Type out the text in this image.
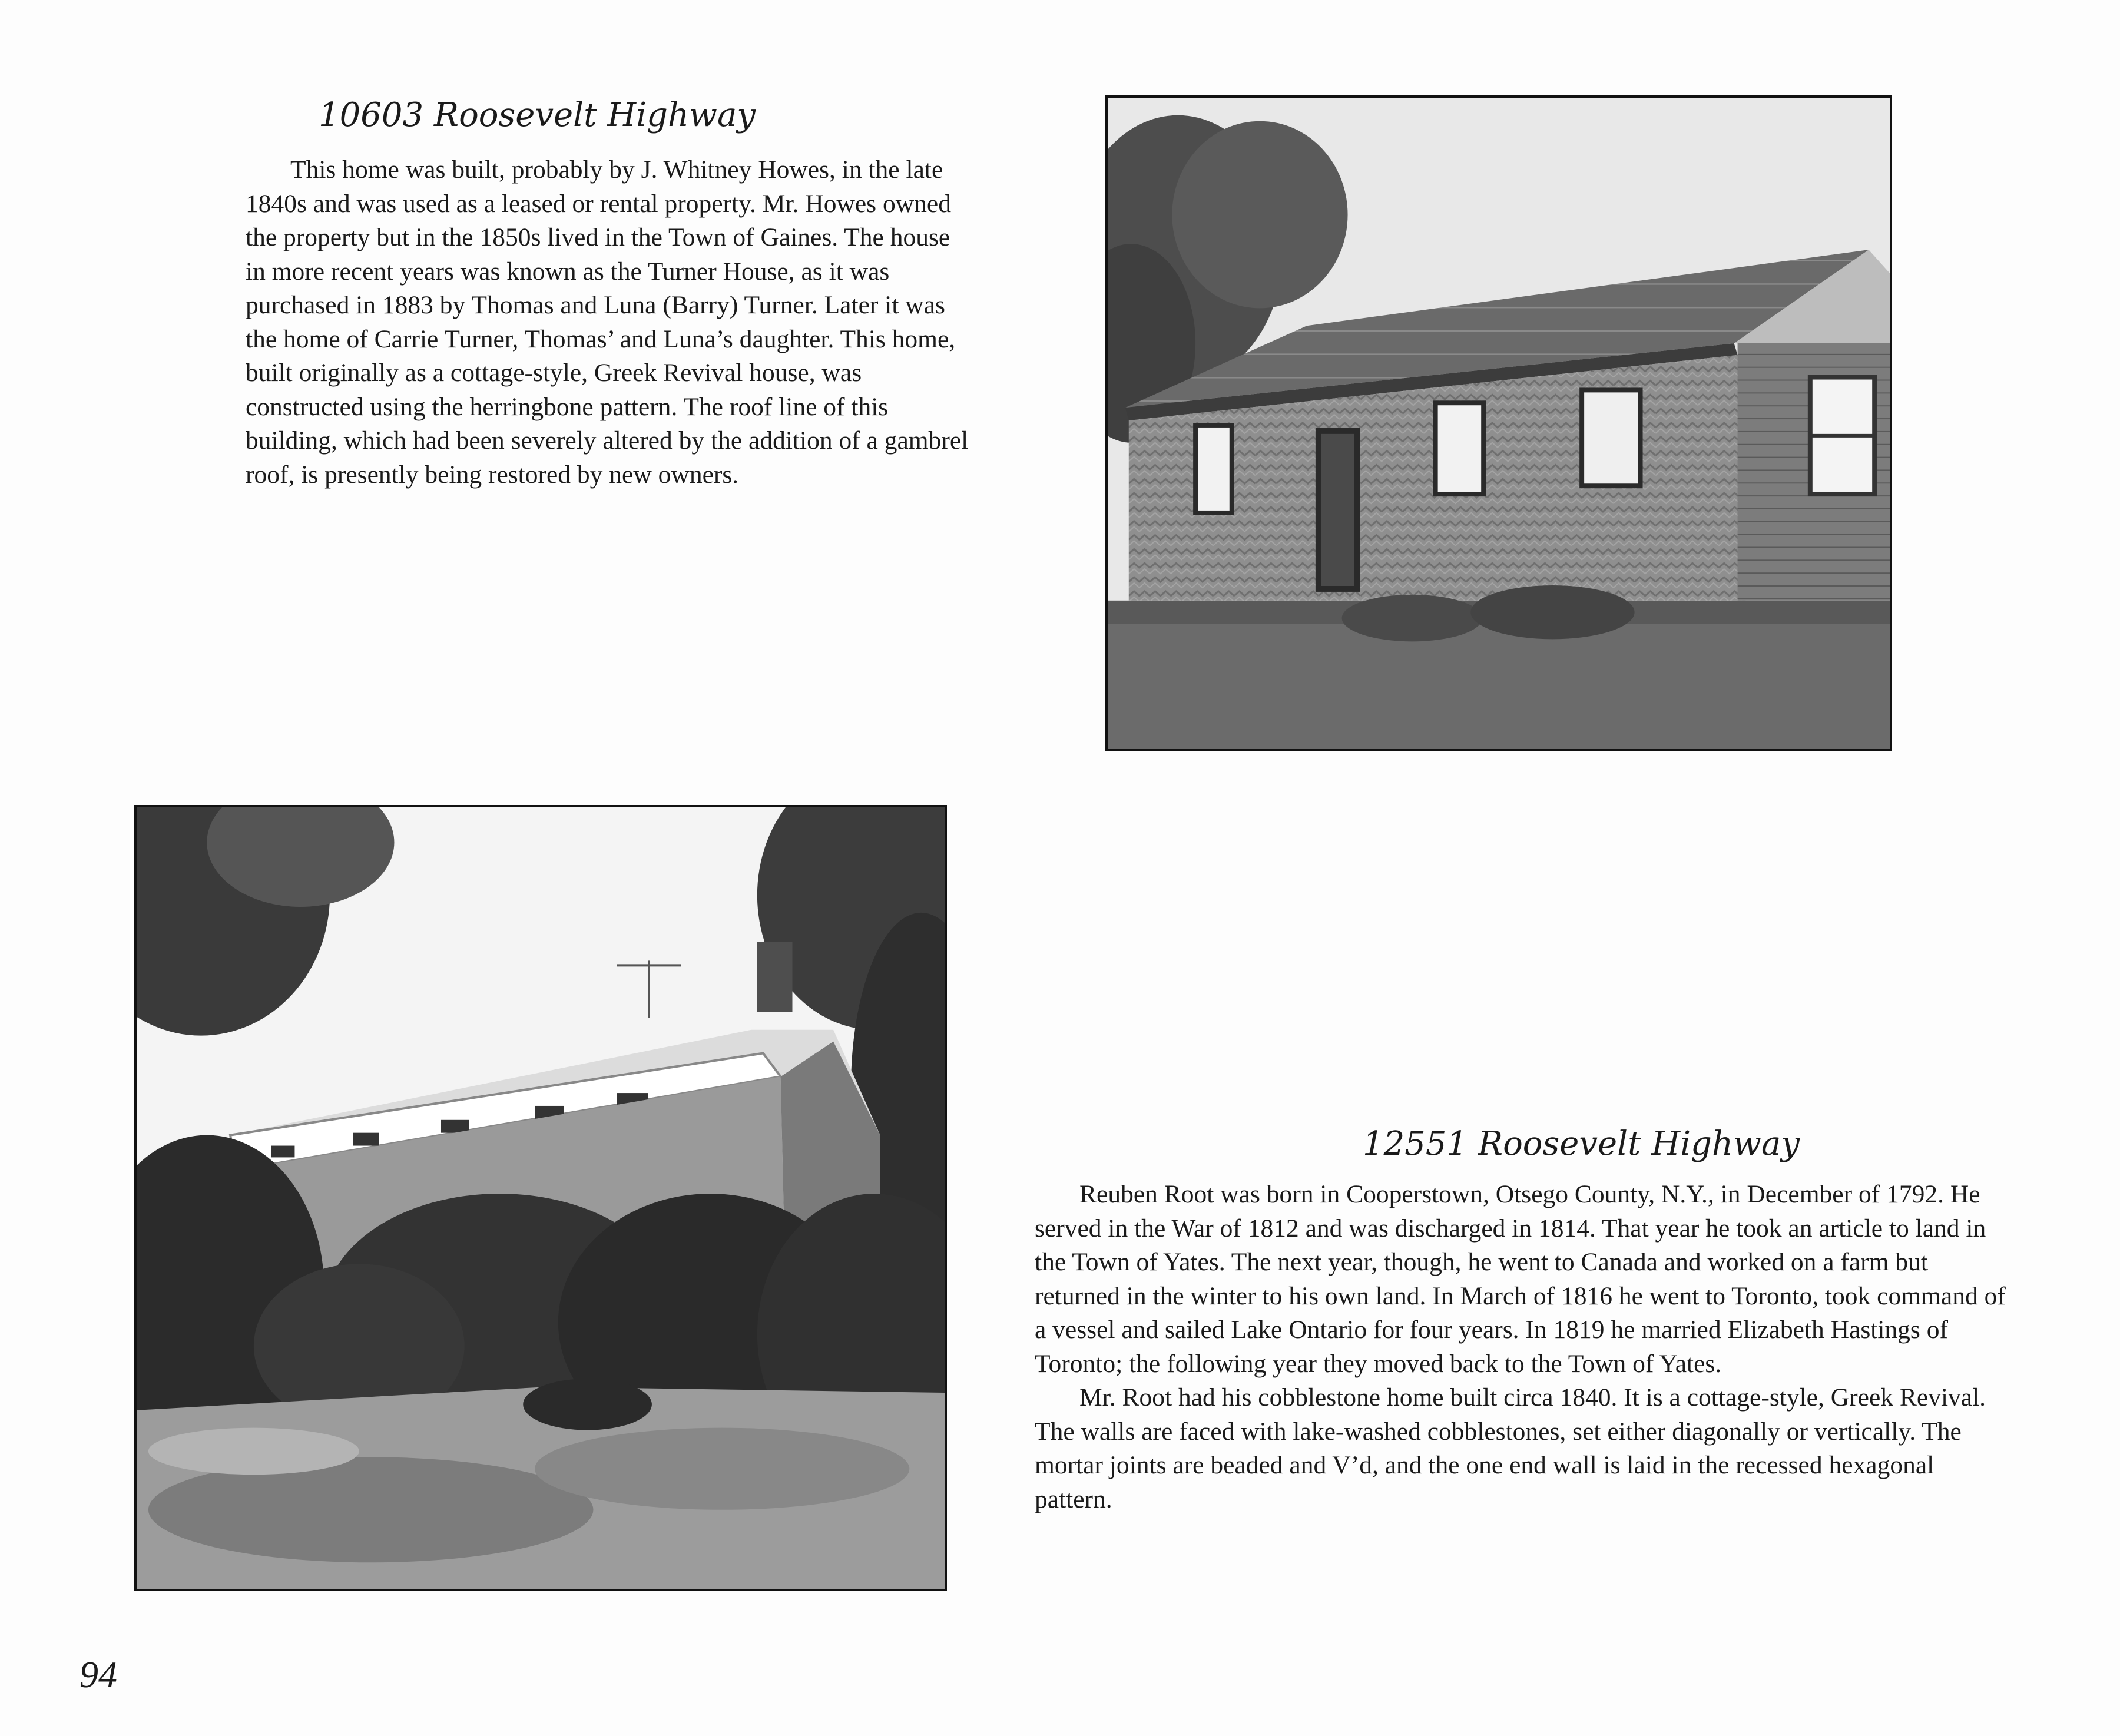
10603 Roosevelt Highway

This home was built, probably by J. Whitney Howes, in the late 1840s and was used as a leased or rental property. Mr. Howes owned the property but in the 1850s lived in the Town of Gaines. The house in more recent years was known as the Turner House, as it was purchased in 1883 by Thomas and Luna (Barry) Turner. Later it was the home of Carrie Turner, Thomas’ and Luna’s daughter. This home, built originally as a cottage-style, Greek Revival house, was constructed using the herringbone pattern. The roof line of this building, which had been severely altered by the addition of a gambrel roof, is presently being restored by new owners.

12551 Roosevelt Highway

Reuben Root was born in Cooperstown, Otsego County, N.Y., in December of 1792. He served in the War of 1812 and was discharged in 1814. That year he took an article to land in the Town of Yates. The next year, though, he went to Canada and worked on a farm but returned in the winter to his own land. In March of 1816 he went to Toronto, took command of a vessel and sailed Lake Ontario for four years. In 1819 he married Elizabeth Hastings of Toronto; the following year they moved back to the Town of Yates.

Mr. Root had his cobblestone home built circa 1840. It is a cottage-style, Greek Revival. The walls are faced with lake-washed cobblestones, set either diagonally or vertically. The mortar joints are beaded and V’d, and the one end wall is laid in the recessed hexagonal pattern.

94
